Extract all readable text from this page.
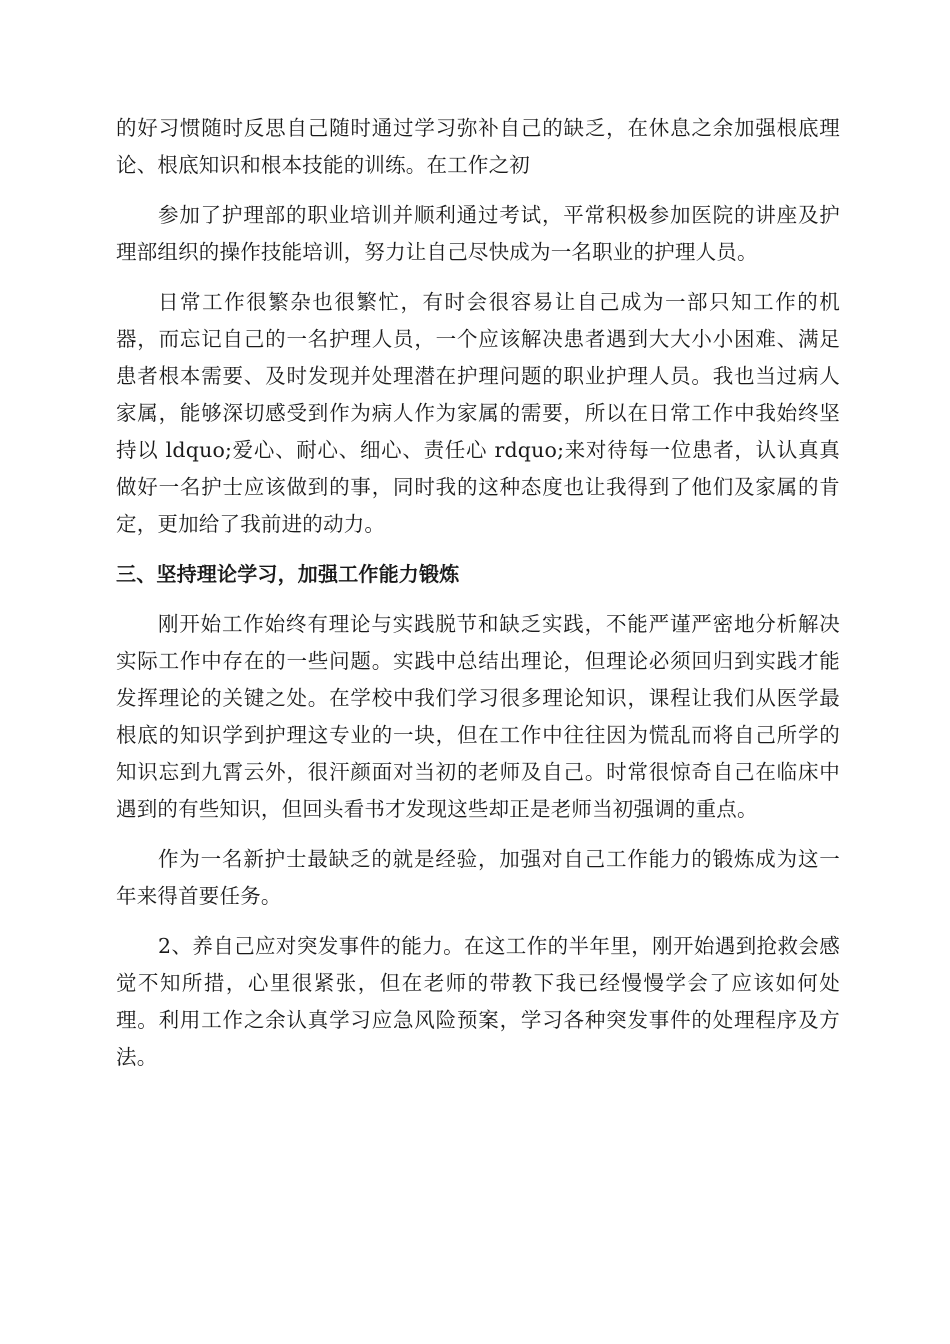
的好习惯随时反思自己随时通过学习弥补自己的缺乏，在休息之余加强根底理论、根底知识和根本技能的训练。在工作之初

参加了护理部的职业培训并顺利通过考试，平常积极参加医院的讲座及护理部组织的操作技能培训，努力让自己尽快成为一名职业的护理人员。

日常工作很繁杂也很繁忙，有时会很容易让自己成为一部只知工作的机器，而忘记自己的一名护理人员，一个应该解决患者遇到大大小小困难、满足患者根本需要、及时发现并处理潜在护理问题的职业护理人员。我也当过病人家属，能够深切感受到作为病人作为家属的需要，所以在日常工作中我始终坚持以 ldquo;爱心、耐心、细心、责任心 rdquo;来对待每一位患者，认认真真做好一名护士应该做到的事，同时我的这种态度也让我得到了他们及家属的肯定，更加给了我前进的动力。

三、坚持理论学习，加强工作能力锻炼

刚开始工作始终有理论与实践脱节和缺乏实践，不能严谨严密地分析解决实际工作中存在的一些问题。实践中总结出理论，但理论必须回归到实践才能发挥理论的关键之处。在学校中我们学习很多理论知识，课程让我们从医学最根底的知识学到护理这专业的一块，但在工作中往往因为慌乱而将自己所学的知识忘到九霄云外，很汗颜面对当初的老师及自己。时常很惊奇自己在临床中遇到的有些知识，但回头看书才发现这些却正是老师当初强调的重点。

作为一名新护士最缺乏的就是经验，加强对自己工作能力的锻炼成为这一年来得首要任务。

2、养自己应对突发事件的能力。在这工作的半年里，刚开始遇到抢救会感觉不知所措，心里很紧张，但在老师的带教下我已经慢慢学会了应该如何处理。利用工作之余认真学习应急风险预案，学习各种突发事件的处理程序及方法。
